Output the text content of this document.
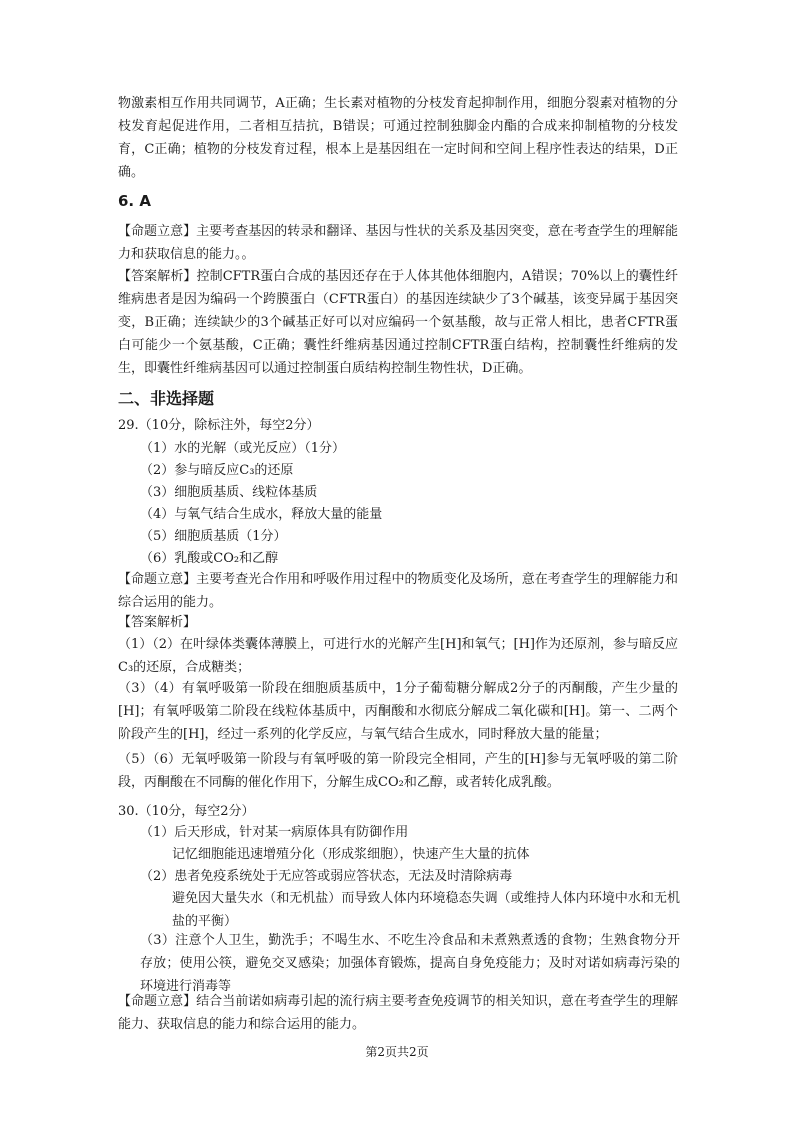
物激素相互作用共同调节，A正确；生长素对植物的分枝发育起抑制作用，细胞分裂素对植物的分枝发育起促进作用，二者相互拮抗，B错误；可通过控制独脚金内酯的合成来抑制植物的分枝发育，C正确；植物的分枝发育过程，根本上是基因组在一定时间和空间上程序性表达的结果，D正确。

6. A

【命题立意】主要考查基因的转录和翻译、基因与性状的关系及基因突变，意在考查学生的理解能力和获取信息的能力。。

【答案解析】控制CFTR蛋白合成的基因还存在于人体其他体细胞内，A错误；70%以上的囊性纤维病患者是因为编码一个跨膜蛋白（CFTR蛋白）的基因连续缺少了3个碱基，该变异属于基因突变，B正确；连续缺少的3个碱基正好可以对应编码一个氨基酸，故与正常人相比，患者CFTR蛋白可能少一个氨基酸，C正确；囊性纤维病基因通过控制CFTR蛋白结构，控制囊性纤维病的发生，即囊性纤维病基因可以通过控制蛋白质结构控制生物性状，D正确。

二、非选择题

29.（10分，除标注外，每空2分）

（1）水的光解（或光反应）（1分）

（2）参与暗反应C₃的还原

（3）细胞质基质、线粒体基质

（4）与氧气结合生成水，释放大量的能量

（5）细胞质基质（1分）

（6）乳酸或CO₂和乙醇

【命题立意】主要考查光合作用和呼吸作用过程中的物质变化及场所，意在考查学生的理解能力和综合运用的能力。

【答案解析】

（1）（2）在叶绿体类囊体薄膜上，可进行水的光解产生[H]和氧气；[H]作为还原剂，参与暗反应C₃的还原，合成糖类；

（3）（4）有氧呼吸第一阶段在细胞质基质中，1分子葡萄糖分解成2分子的丙酮酸，产生少量的[H]；有氧呼吸第二阶段在线粒体基质中，丙酮酸和水彻底分解成二氧化碳和[H]。第一、二两个阶段产生的[H]，经过一系列的化学反应，与氧气结合生成水，同时释放大量的能量；

（5）（6）无氧呼吸第一阶段与有氧呼吸的第一阶段完全相同，产生的[H]参与无氧呼吸的第二阶段，丙酮酸在不同酶的催化作用下，分解生成CO₂和乙醇，或者转化成乳酸。

30.（10分，每空2分）

（1）后天形成，针对某一病原体具有防御作用

记忆细胞能迅速增殖分化（形成浆细胞），快速产生大量的抗体

（2）患者免疫系统处于无应答或弱应答状态，无法及时清除病毒

避免因大量失水（和无机盐）而导致人体内环境稳态失调（或维持人体内环境中水和无机盐的平衡）

（3）注意个人卫生，勤洗手；不喝生水、不吃生冷食品和未煮熟煮透的食物；生熟食物分开存放；使用公筷，避免交叉感染；加强体育锻炼，提高自身免疫能力；及时对诺如病毒污染的环境进行消毒等

【命题立意】结合当前诺如病毒引起的流行病主要考查免疫调节的相关知识，意在考查学生的理解能力、获取信息的能力和综合运用的能力。

第2页共2页
